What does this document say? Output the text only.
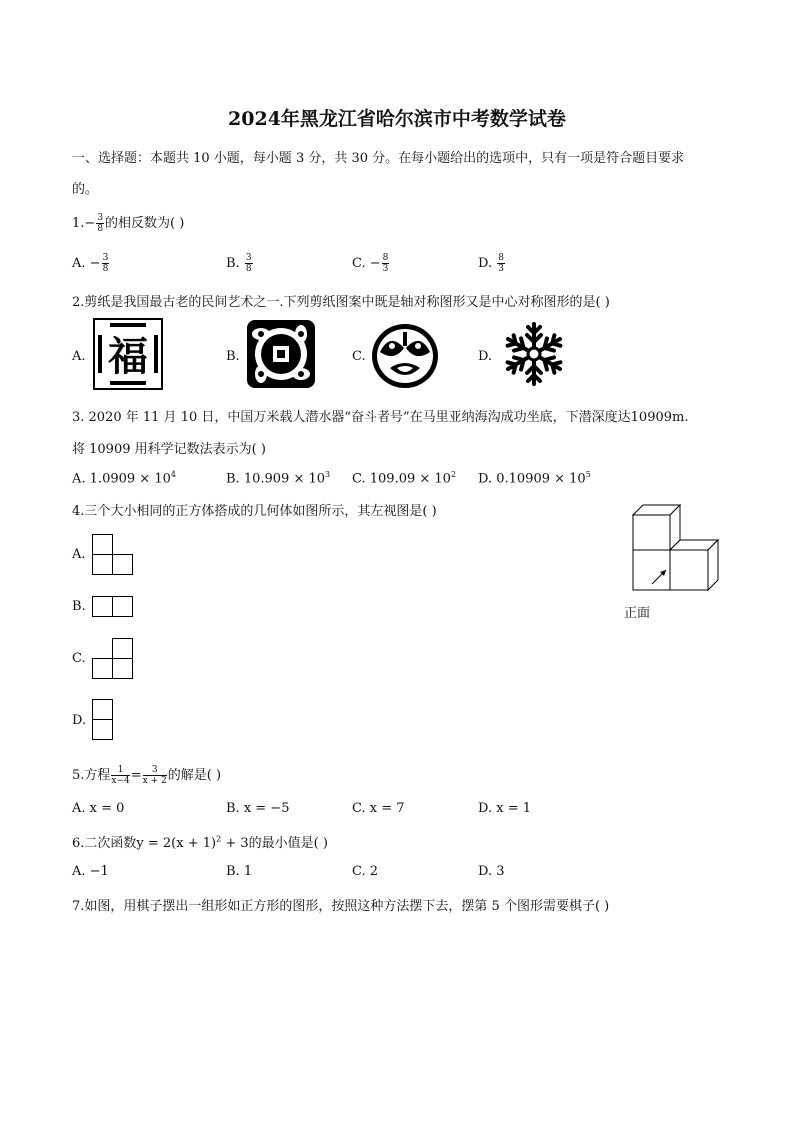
2024年黑龙江省哈尔滨市中考数学试卷
一、选择题：本题共 10 小题，每小题 3 分，共 30 分。在每小题给出的选项中，只有一项是符合题目要求
的。
$1.- \frac{3}{8}$ 的相反数为( )
A. − $\frac{3}{8}$	B. $\frac{3}{8}$	C. − $\frac{8}{3}$	D. $\frac{8}{3}$
2.剪纸是我国最古老的民间艺术之一.下列剪纸图案中既是轴对称图形又是中心对称图形的是( )
A. 福	B.	C.	D.
3. 2020 年 11 月 10 日，中国万米载人潜水器“奋斗者号”在马里亚纳海沟成功坐底，下潜深度达10909m.
将 10909 用科学记数法表示为( )
A. $1.0909 \times 10^4$	B. $10.909 \times 10^3$ C. $109.09 \times 10^2$ D. $0.10909 \times 10^5$
4.三个大小相同的正方体搭成的几何体如图所示，其左视图是( )
A.
B.
C.
D.
正面
5.方程 $\frac{1}{x-4} = \frac{3}{x + 2}$ 的解是( )
A. x = 0	B. x = −5	C. x = 7	D. x = 1
6.二次函数$y = 2(x + 1)^2 + 3$的最小值是( )
A. −1	B. 1	C. 2	D. 3
7.如图，用棋子摆出一组形如正方形的图形，按照这种方法摆下去，摆第 5 个图形需要棋子( )
